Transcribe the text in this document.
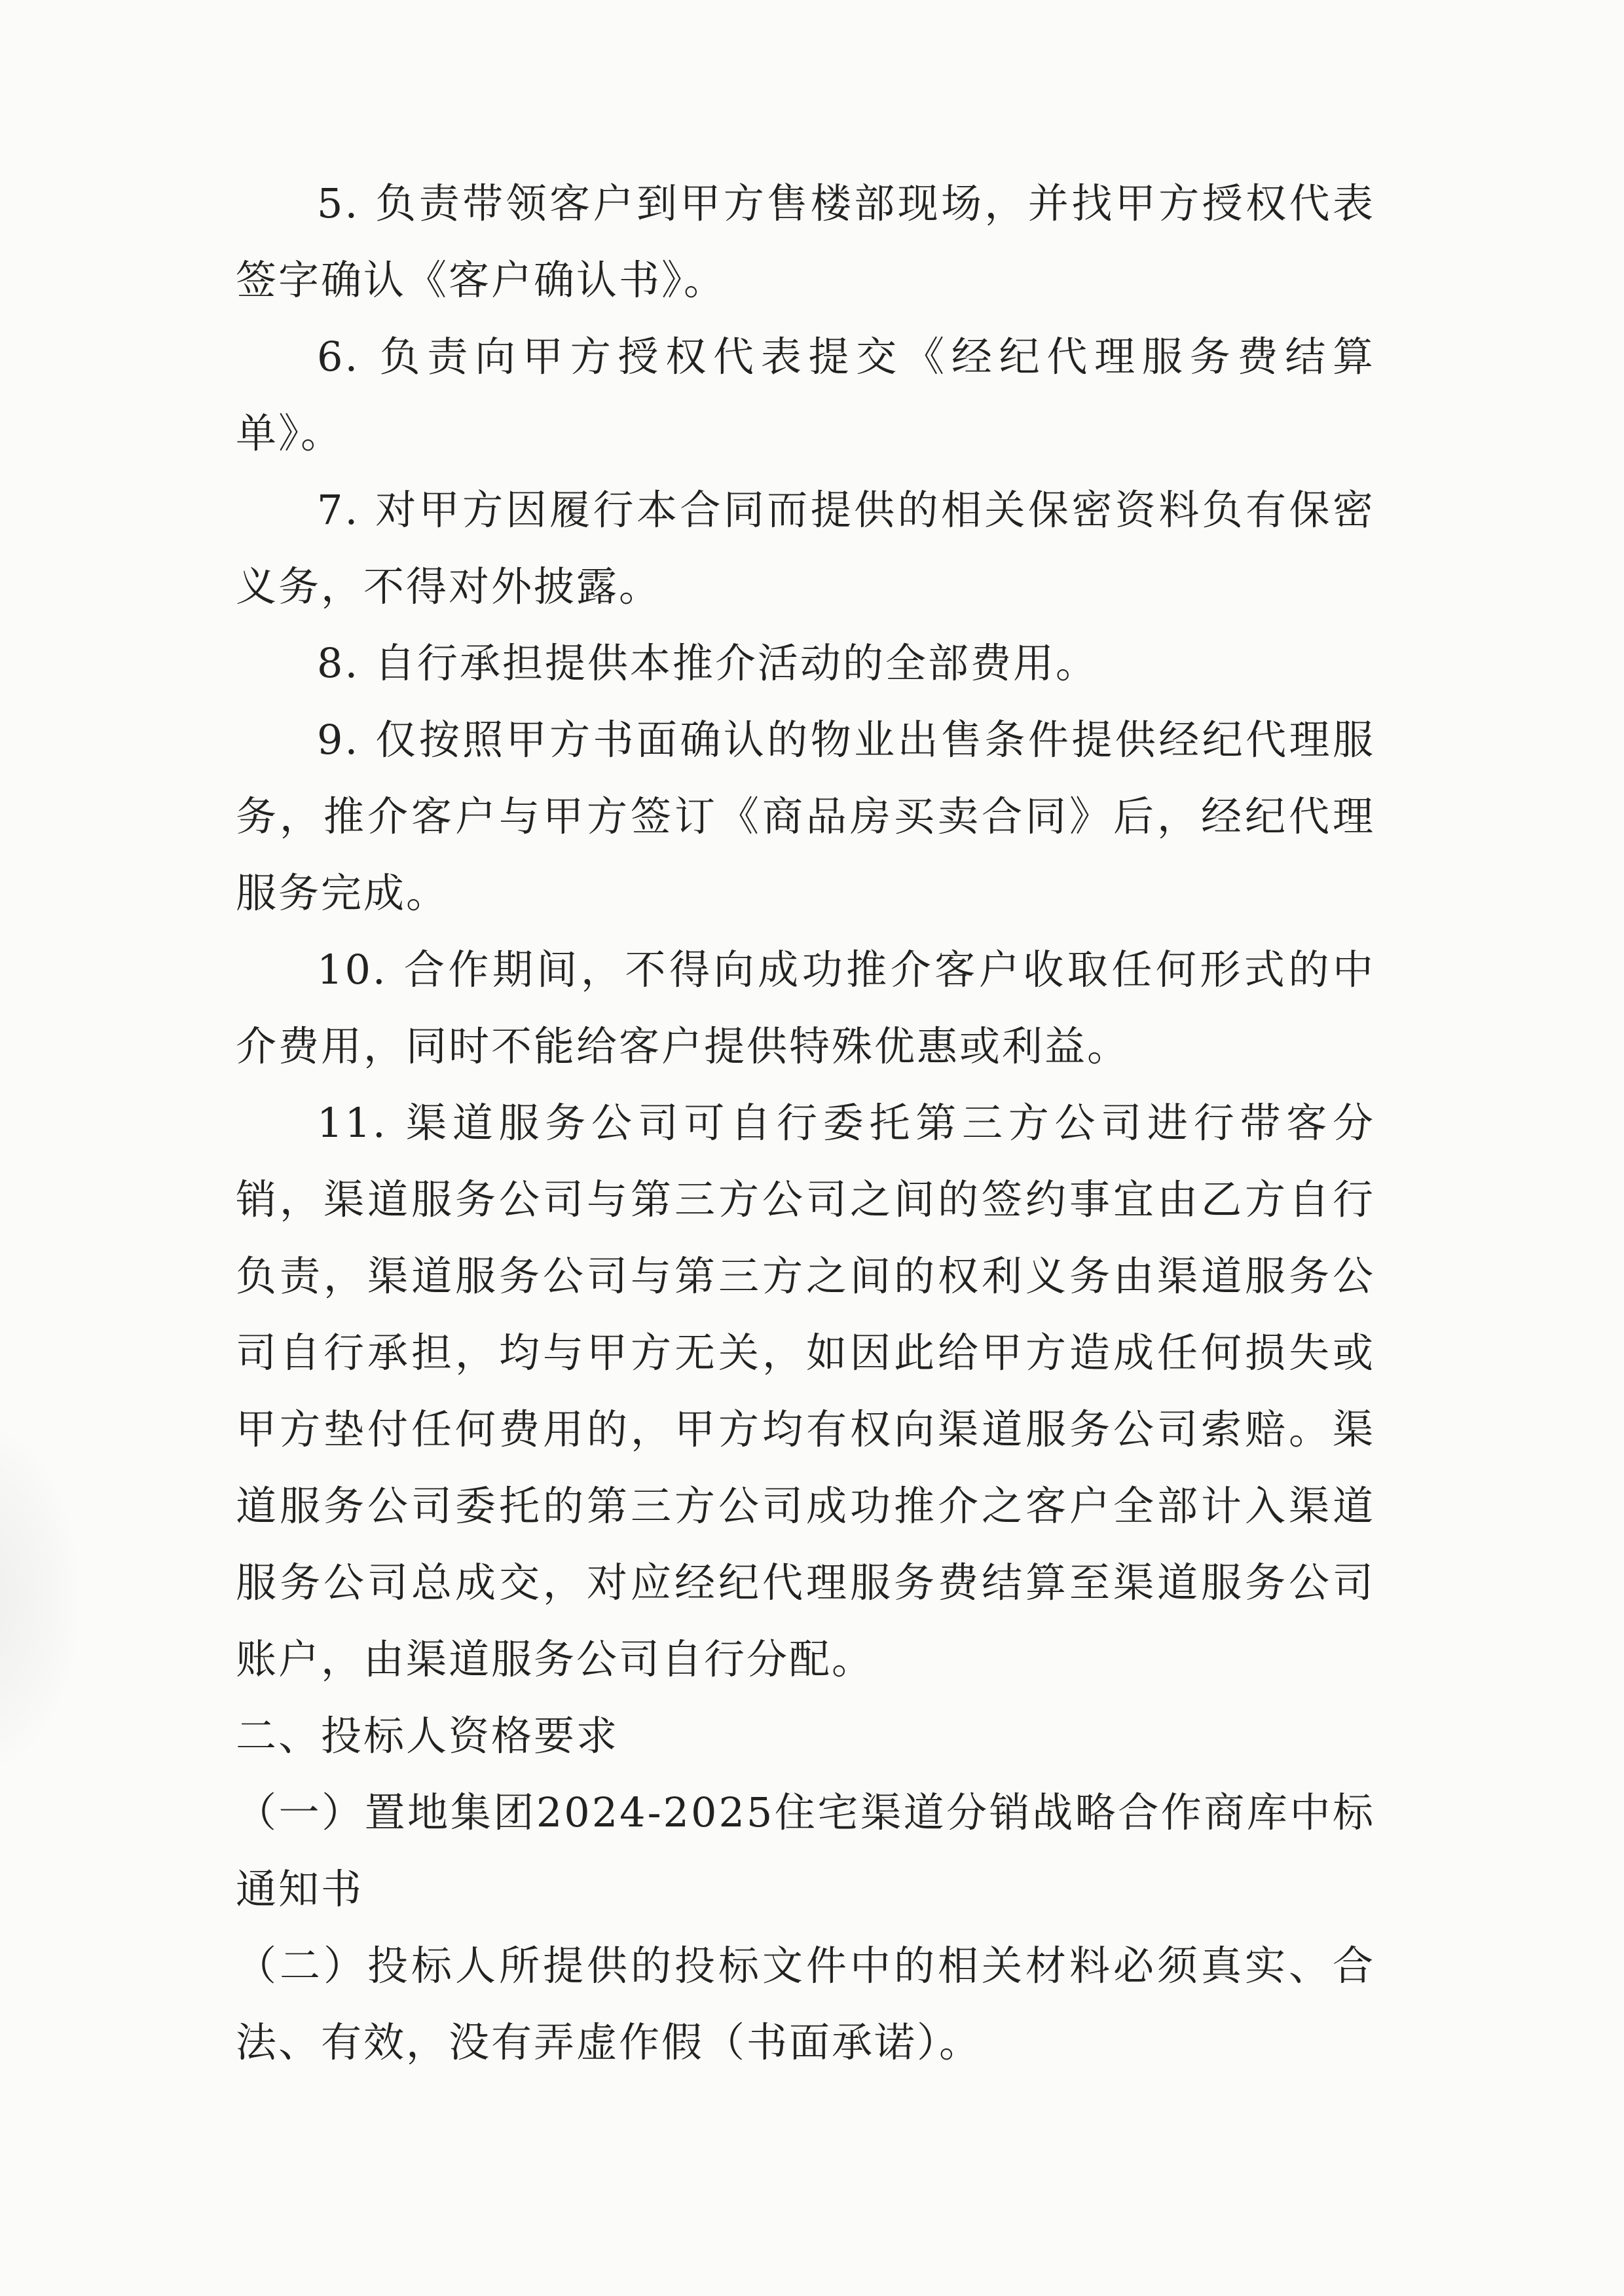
5. 负责带领客户到甲方售楼部现场，并找甲方授权代表签字确认《客户确认书》。

6. 负责向甲方授权代表提交《经纪代理服务费结算单》。

7. 对甲方因履行本合同而提供的相关保密资料负有保密义务，不得对外披露。

8. 自行承担提供本推介活动的全部费用。

9. 仅按照甲方书面确认的物业出售条件提供经纪代理服务，推介客户与甲方签订《商品房买卖合同》后，经纪代理服务完成。

10. 合作期间，不得向成功推介客户收取任何形式的中介费用，同时不能给客户提供特殊优惠或利益。

11. 渠道服务公司可自行委托第三方公司进行带客分销，渠道服务公司与第三方公司之间的签约事宜由乙方自行负责，渠道服务公司与第三方之间的权利义务由渠道服务公司自行承担，均与甲方无关，如因此给甲方造成任何损失或甲方垫付任何费用的，甲方均有权向渠道服务公司索赔。渠道服务公司委托的第三方公司成功推介之客户全部计入渠道服务公司总成交，对应经纪代理服务费结算至渠道服务公司账户，由渠道服务公司自行分配。

二、投标人资格要求

（一）置地集团2024-2025住宅渠道分销战略合作商库中标通知书

（二）投标人所提供的投标文件中的相关材料必须真实、合法、有效，没有弄虚作假（书面承诺）。
